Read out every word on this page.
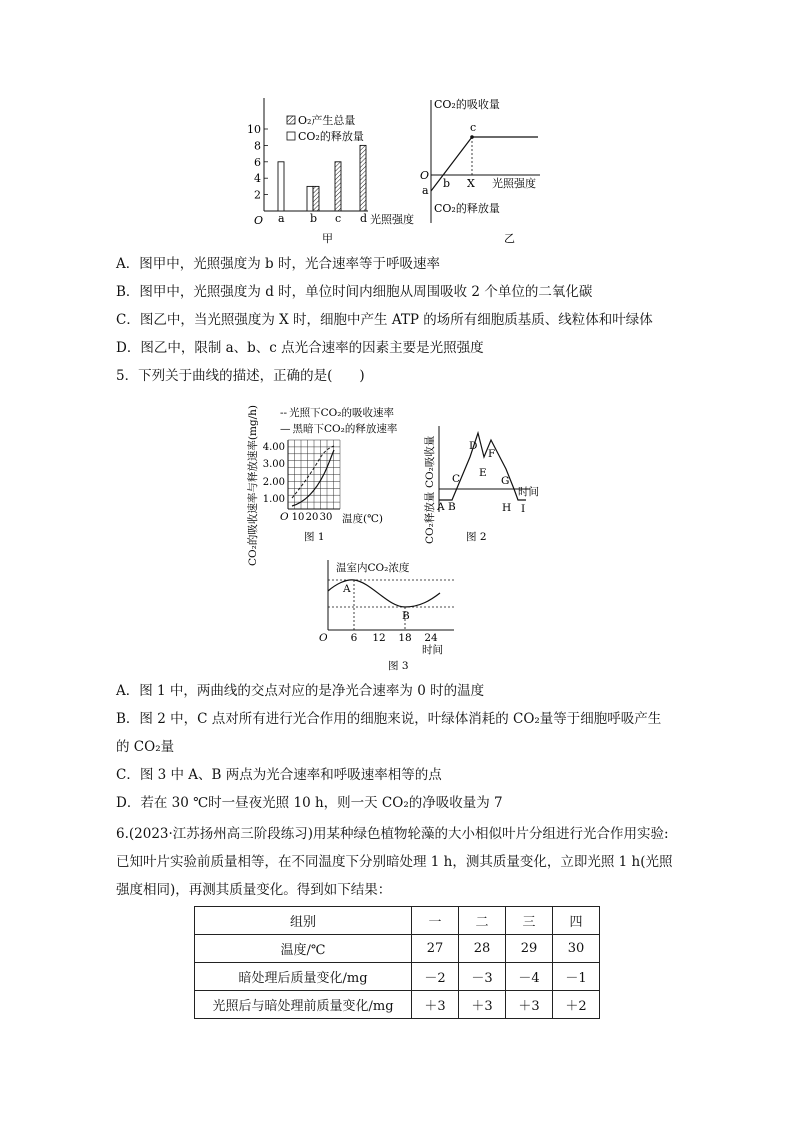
10
8
6
4
2
O₂产生总量
CO₂的释放量
O a b c d 光照强度
甲
CO₂的吸收量
CO₂的释放量
O
a
b
c
X 光照强度
乙
A．图甲中，光照强度为 b 时，光合速率等于呼吸速率
B．图甲中，光照强度为 d 时，单位时间内细胞从周围吸收 2 个单位的二氧化碳
C．图乙中，当光照强度为 X 时，细胞中产生 ATP 的场所有细胞质基质、线粒体和叶绿体
D．图乙中，限制 a、b、c 点光合速率的因素主要是光照强度
5．下列关于曲线的描述，正确的是(　　)
CO₂的吸收速率与释放速率(mg/h) -- 光照下CO₂的吸收速率
— 黑暗下CO₂的释放速率
4.00
3.00
2.00
1.00
O 10 20 30 温度(℃)
图 1
CO₂吸收量
CO₂释放量 A B
C
D
E
F
G
H I
时间
图 2
温室内CO₂浓度
A
B
O 6 12 18 24
时间
图 3
A．图 1 中，两曲线的交点对应的是净光合速率为 0 时的温度
B．图 2 中，C 点对所有进行光合作用的细胞来说，叶绿体消耗的 CO₂量等于细胞呼吸产生
的 CO₂量
C．图 3 中 A、B 两点为光合速率和呼吸速率相等的点
D．若在 30 ℃时一昼夜光照 10 h，则一天 CO₂的净吸收量为 7
6.(2023·江苏扬州高三阶段练习)用某种绿色植物轮藻的大小相似叶片分组进行光合作用实验:
已知叶片实验前质量相等，在不同温度下分别暗处理 1 h，测其质量变化，立即光照 1 h(光照
强度相同)，再测其质量变化。得到如下结果：
组别	一	二	三	四
温度/℃	27	28	29	30
暗处理后质量变化/mg	－2	－3	－4	－1
光照后与暗处理前质量变化/mg	＋3	＋3	＋3	＋2
